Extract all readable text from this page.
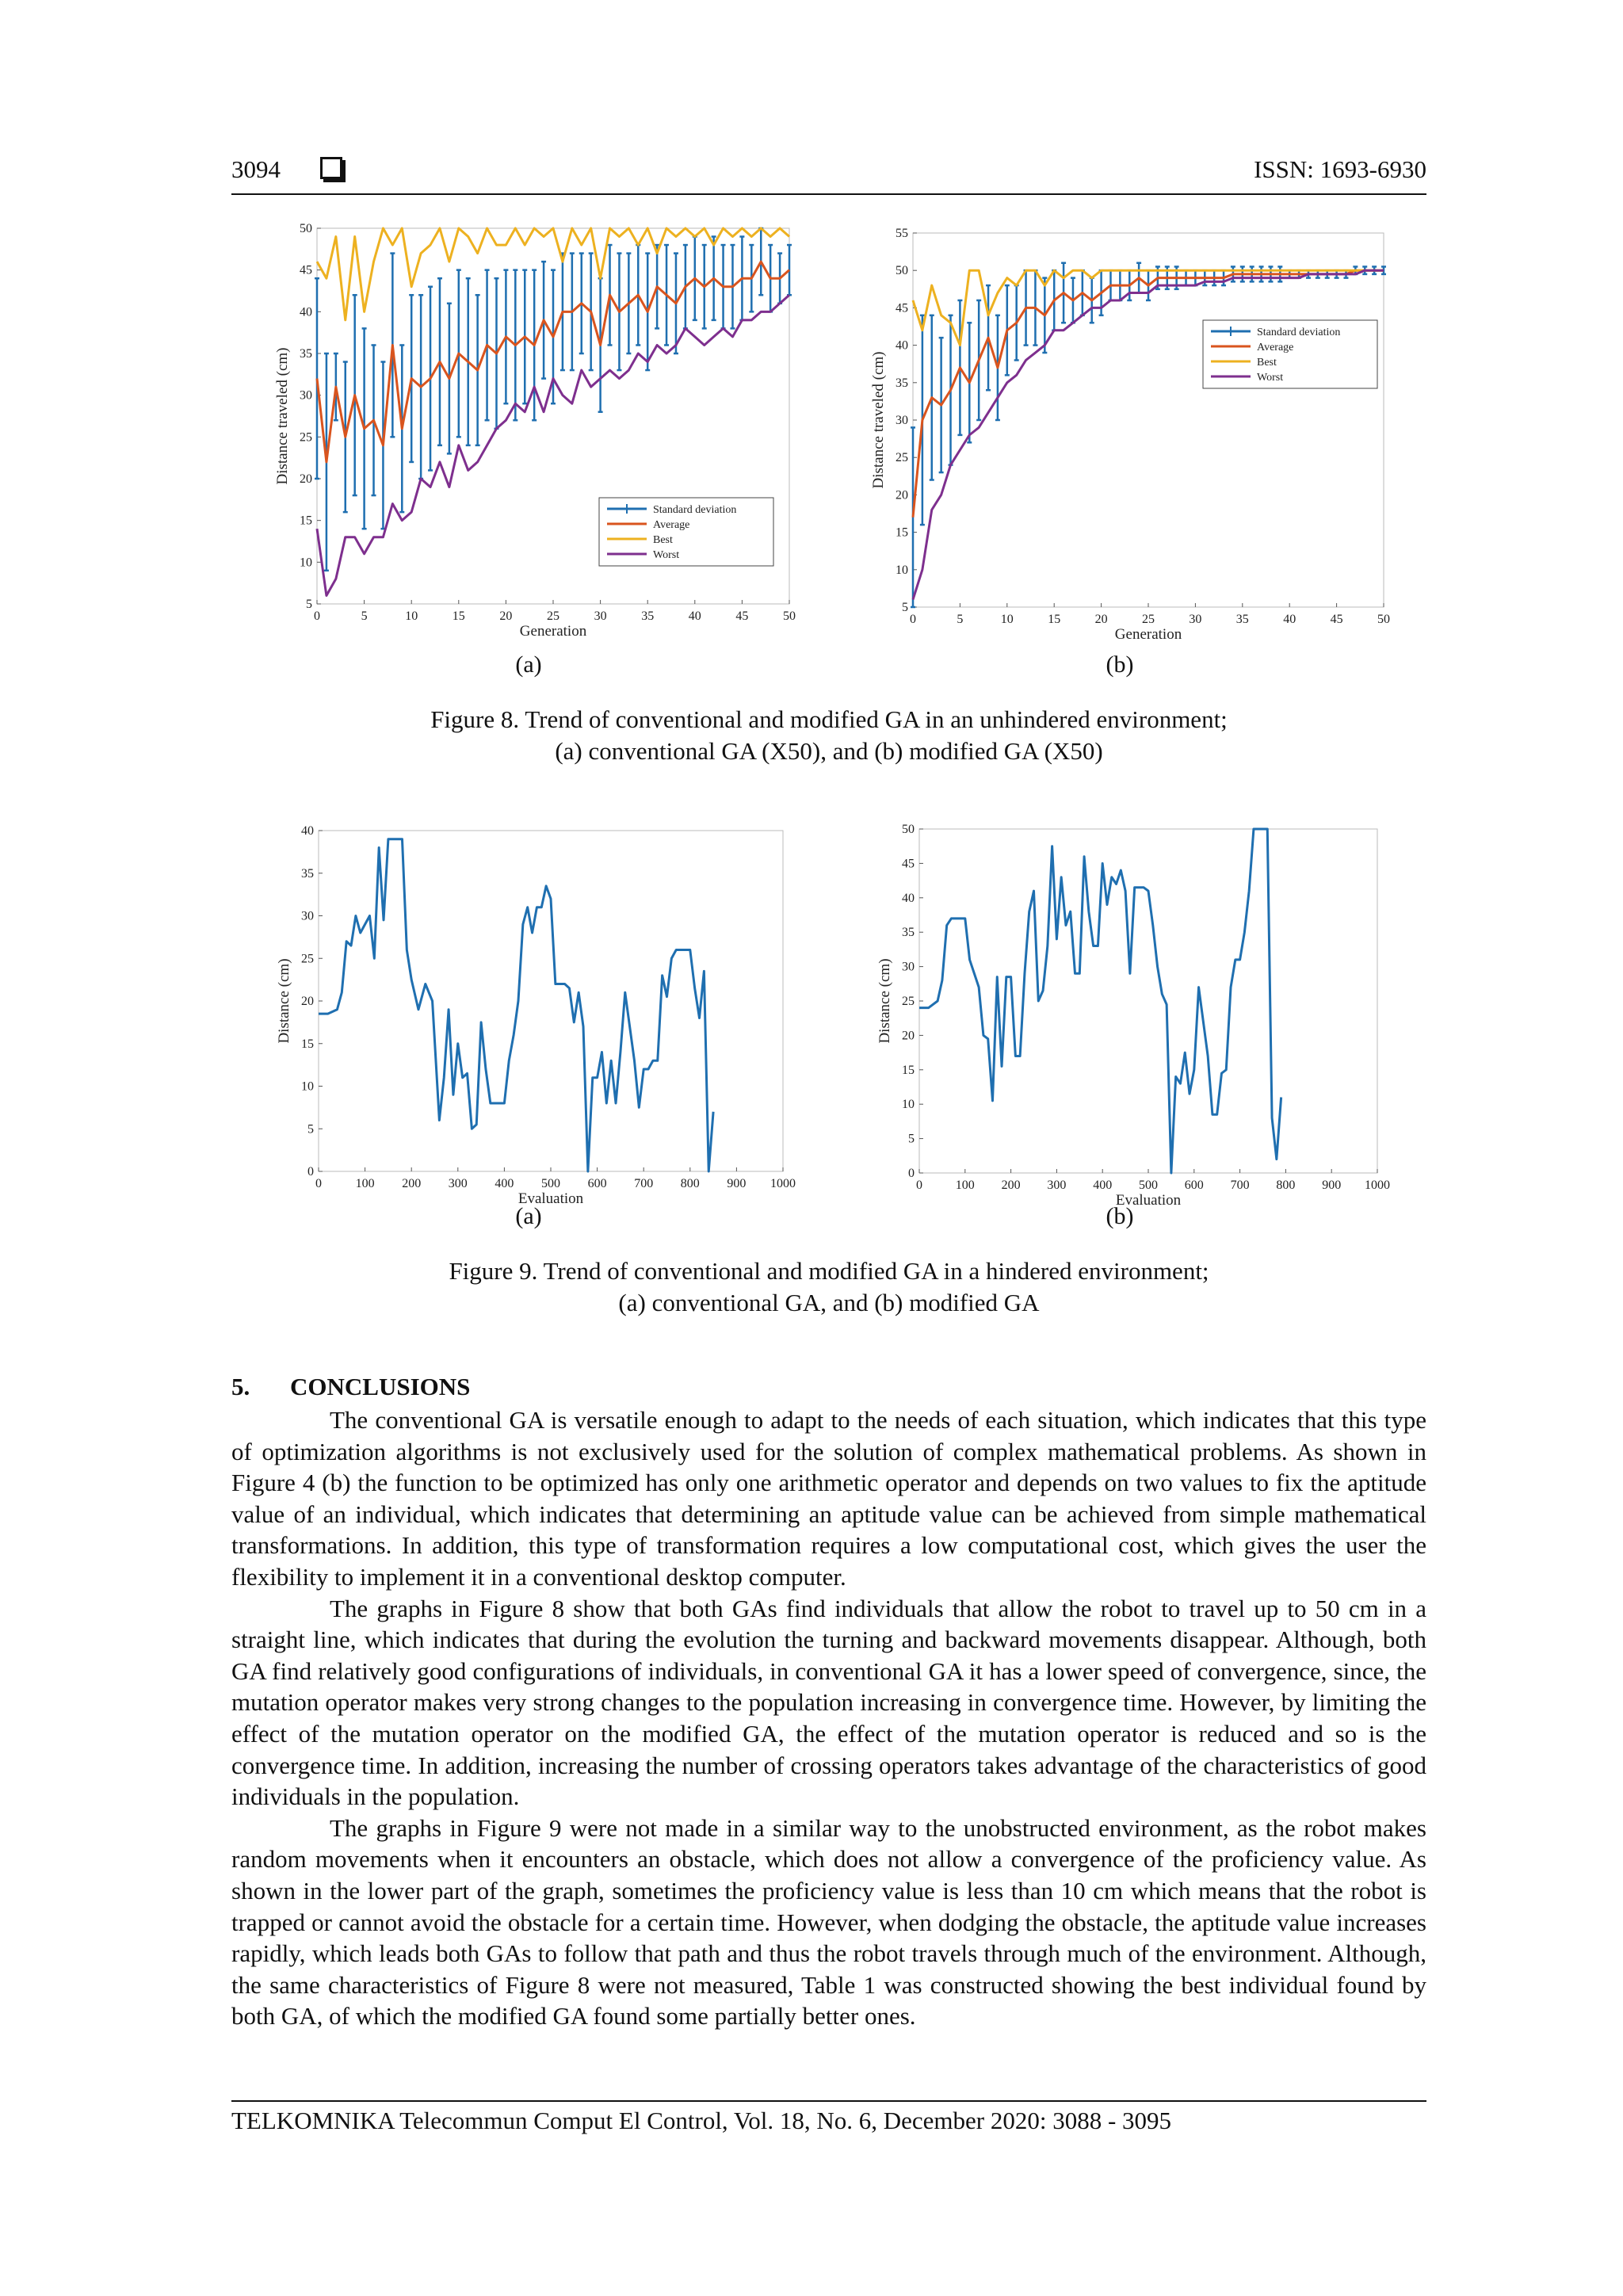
3094	ISSN: 1693-6930
0	5	10	15	20	25	30	35	40	45	50
5
10
15
20
25
30
35
40
45
50
Generation
Distance traveled (cm)
Standard deviation
Average
Best
Worst
0	5	10	15	20	25	30	35	40	45	50
5
10
15
20
25
30
35
40
45
50
55
Generation
Distance traveled (cm)
Standard deviation
Average
Best
Worst
(a)	(b)
Figure 8. Trend of conventional and modified GA in an unhindered environment;
(a) conventional GA (X50), and (b) modified GA (X50)
0	100 200 300 400 500 600 700 800 900 1000
0
5
10
15
20
25
30
35
40
Evaluation
Distance (cm)
0	100 200 300 400 500 600 700 800 900 1000
0
5
10
15
20
25
30
35
40
45
50
Evaluation
Distance (cm)
(a)	(b)
Figure 9. Trend of conventional and modified GA in a hindered environment;
(a) conventional GA, and (b) modified GA
5. CONCLUSIONS

The conventional GA is versatile enough to adapt to the needs of each situation, which indicates that this type of optimization algorithms is not exclusively used for the solution of complex mathematical problems. As shown in Figure 4 (b) the function to be optimized has only one arithmetic operator and depends on two values to fix the aptitude value of an individual, which indicates that determining an aptitude value can be achieved from simple mathematical transformations. In addition, this type of transformation requires a low computational cost, which gives the user the flexibility to implement it in a conventional desktop computer.

The graphs in Figure 8 show that both GAs find individuals that allow the robot to travel up to 50 cm in a straight line, which indicates that during the evolution the turning and backward movements disappear. Although, both GA find relatively good configurations of individuals, in conventional GA it has a lower speed of convergence, since, the mutation operator makes very strong changes to the population increasing in convergence time. However, by limiting the effect of the mutation operator on the modified GA, the effect of the mutation operator is reduced and so is the convergence time. In addition, increasing the number of crossing operators takes advantage of the characteristics of good individuals in the population.

The graphs in Figure 9 were not made in a similar way to the unobstructed environment, as the robot makes random movements when it encounters an obstacle, which does not allow a convergence of the proficiency value. As shown in the lower part of the graph, sometimes the proficiency value is less than 10 cm which means that the robot is trapped or cannot avoid the obstacle for a certain time. However, when dodging the obstacle, the aptitude value increases rapidly, which leads both GAs to follow that path and thus the robot travels through much of the environment. Although, the same characteristics of Figure 8 were not measured, Table 1 was constructed showing the best individual found by both GA, of which the modified GA found some partially better ones.

TELKOMNIKA Telecommun Comput El Control, Vol. 18, No. 6, December 2020: 3088 - 3095
